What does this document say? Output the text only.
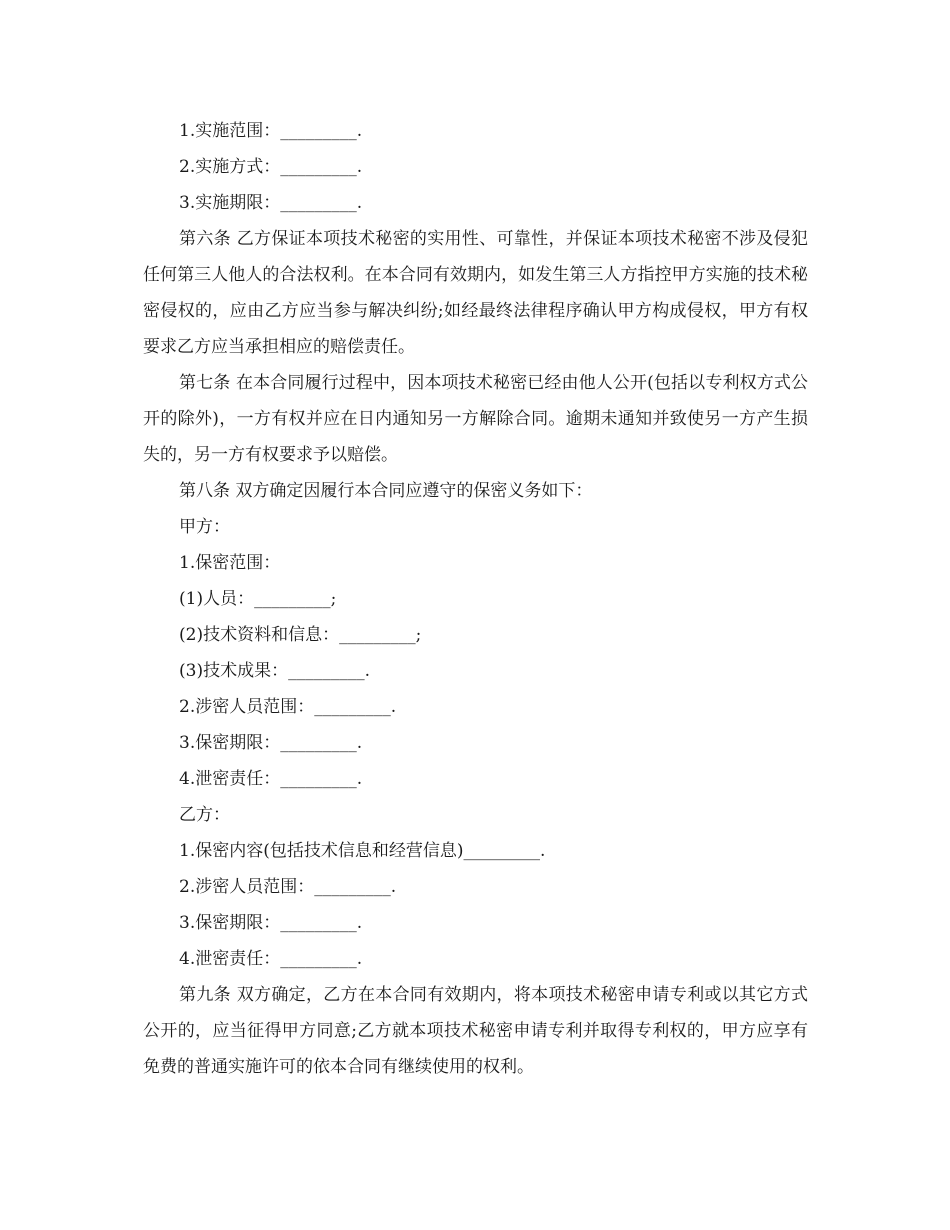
1.实施范围：_________.

2.实施方式：_________.

3.实施期限：_________.

第六条 乙方保证本项技术秘密的实用性、可靠性，并保证本项技术秘密不涉及侵犯任何第三人他人的合法权利。在本合同有效期内，如发生第三人方指控甲方实施的技术秘密侵权的，应由乙方应当参与解决纠纷;如经最终法律程序确认甲方构成侵权，甲方有权要求乙方应当承担相应的赔偿责任。

第七条 在本合同履行过程中，因本项技术秘密已经由他人公开(包括以专利权方式公开的除外)，一方有权并应在日内通知另一方解除合同。逾期未通知并致使另一方产生损失的，另一方有权要求予以赔偿。

第八条 双方确定因履行本合同应遵守的保密义务如下：

甲方：

1.保密范围：

(1)人员：_________;

(2)技术资料和信息：_________;

(3)技术成果：_________.

2.涉密人员范围：_________.

3.保密期限：_________.

4.泄密责任：_________.

乙方：

1.保密内容(包括技术信息和经营信息)_________.

2.涉密人员范围：_________.

3.保密期限：_________.

4.泄密责任：_________.

第九条 双方确定，乙方在本合同有效期内，将本项技术秘密申请专利或以其它方式公开的，应当征得甲方同意;乙方就本项技术秘密申请专利并取得专利权的，甲方应享有免费的普通实施许可的依本合同有继续使用的权利。
